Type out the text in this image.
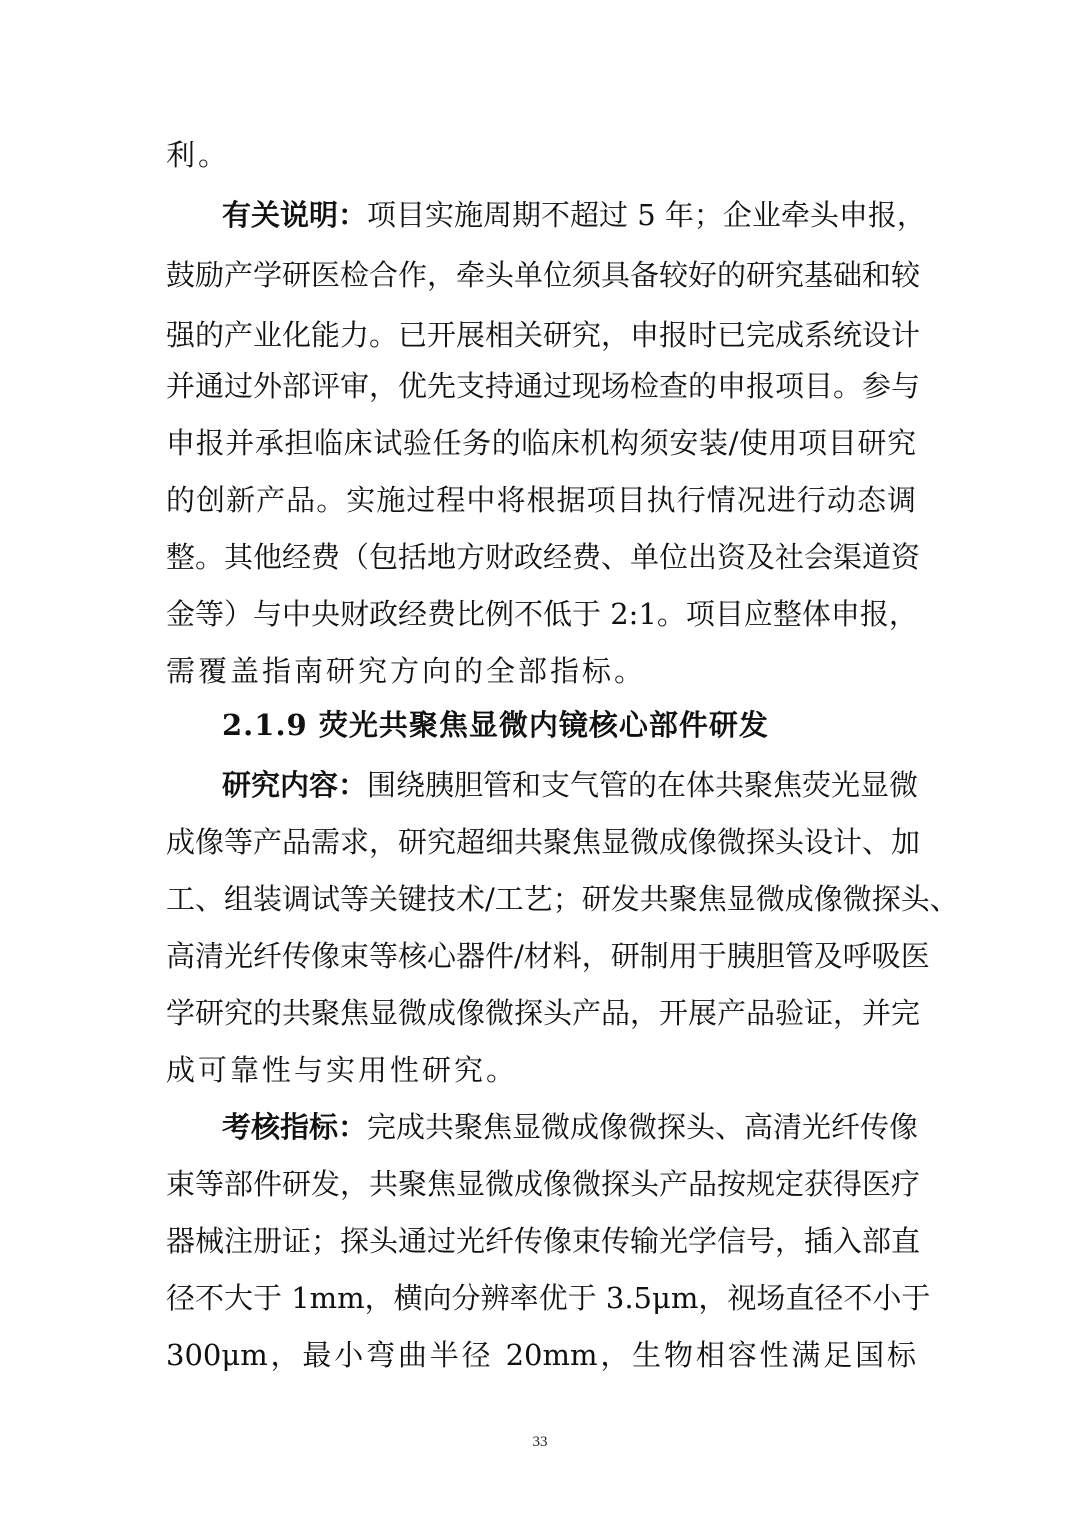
利。
有关说明：项目实施周期不超过 5 年；企业牵头申报，
鼓励产学研医检合作，牵头单位须具备较好的研究基础和较
强的产业化能力。已开展相关研究，申报时已完成系统设计
并通过外部评审，优先支持通过现场检查的申报项目。参与
申报并承担临床试验任务的临床机构须安装/使用项目研究
的创新产品。实施过程中将根据项目执行情况进行动态调
整。其他经费（包括地方财政经费、单位出资及社会渠道资
金等）与中央财政经费比例不低于 2:1。项目应整体申报，
需覆盖指南研究方向的全部指标。
2.1.9 荧光共聚焦显微内镜核心部件研发
研究内容：围绕胰胆管和支气管的在体共聚焦荧光显微
成像等产品需求，研究超细共聚焦显微成像微探头设计、加
工、组装调试等关键技术/工艺；研发共聚焦显微成像微探头、
高清光纤传像束等核心器件/材料，研制用于胰胆管及呼吸医
学研究的共聚焦显微成像微探头产品，开展产品验证，并完
成可靠性与实用性研究。
考核指标：完成共聚焦显微成像微探头、高清光纤传像
束等部件研发，共聚焦显微成像微探头产品按规定获得医疗
器械注册证；探头通过光纤传像束传输光学信号，插入部直
径不大于 1mm，横向分辨率优于 3.5μm，视场直径不小于
300μm，最小弯曲半径 20mm，生物相容性满足国标
33
